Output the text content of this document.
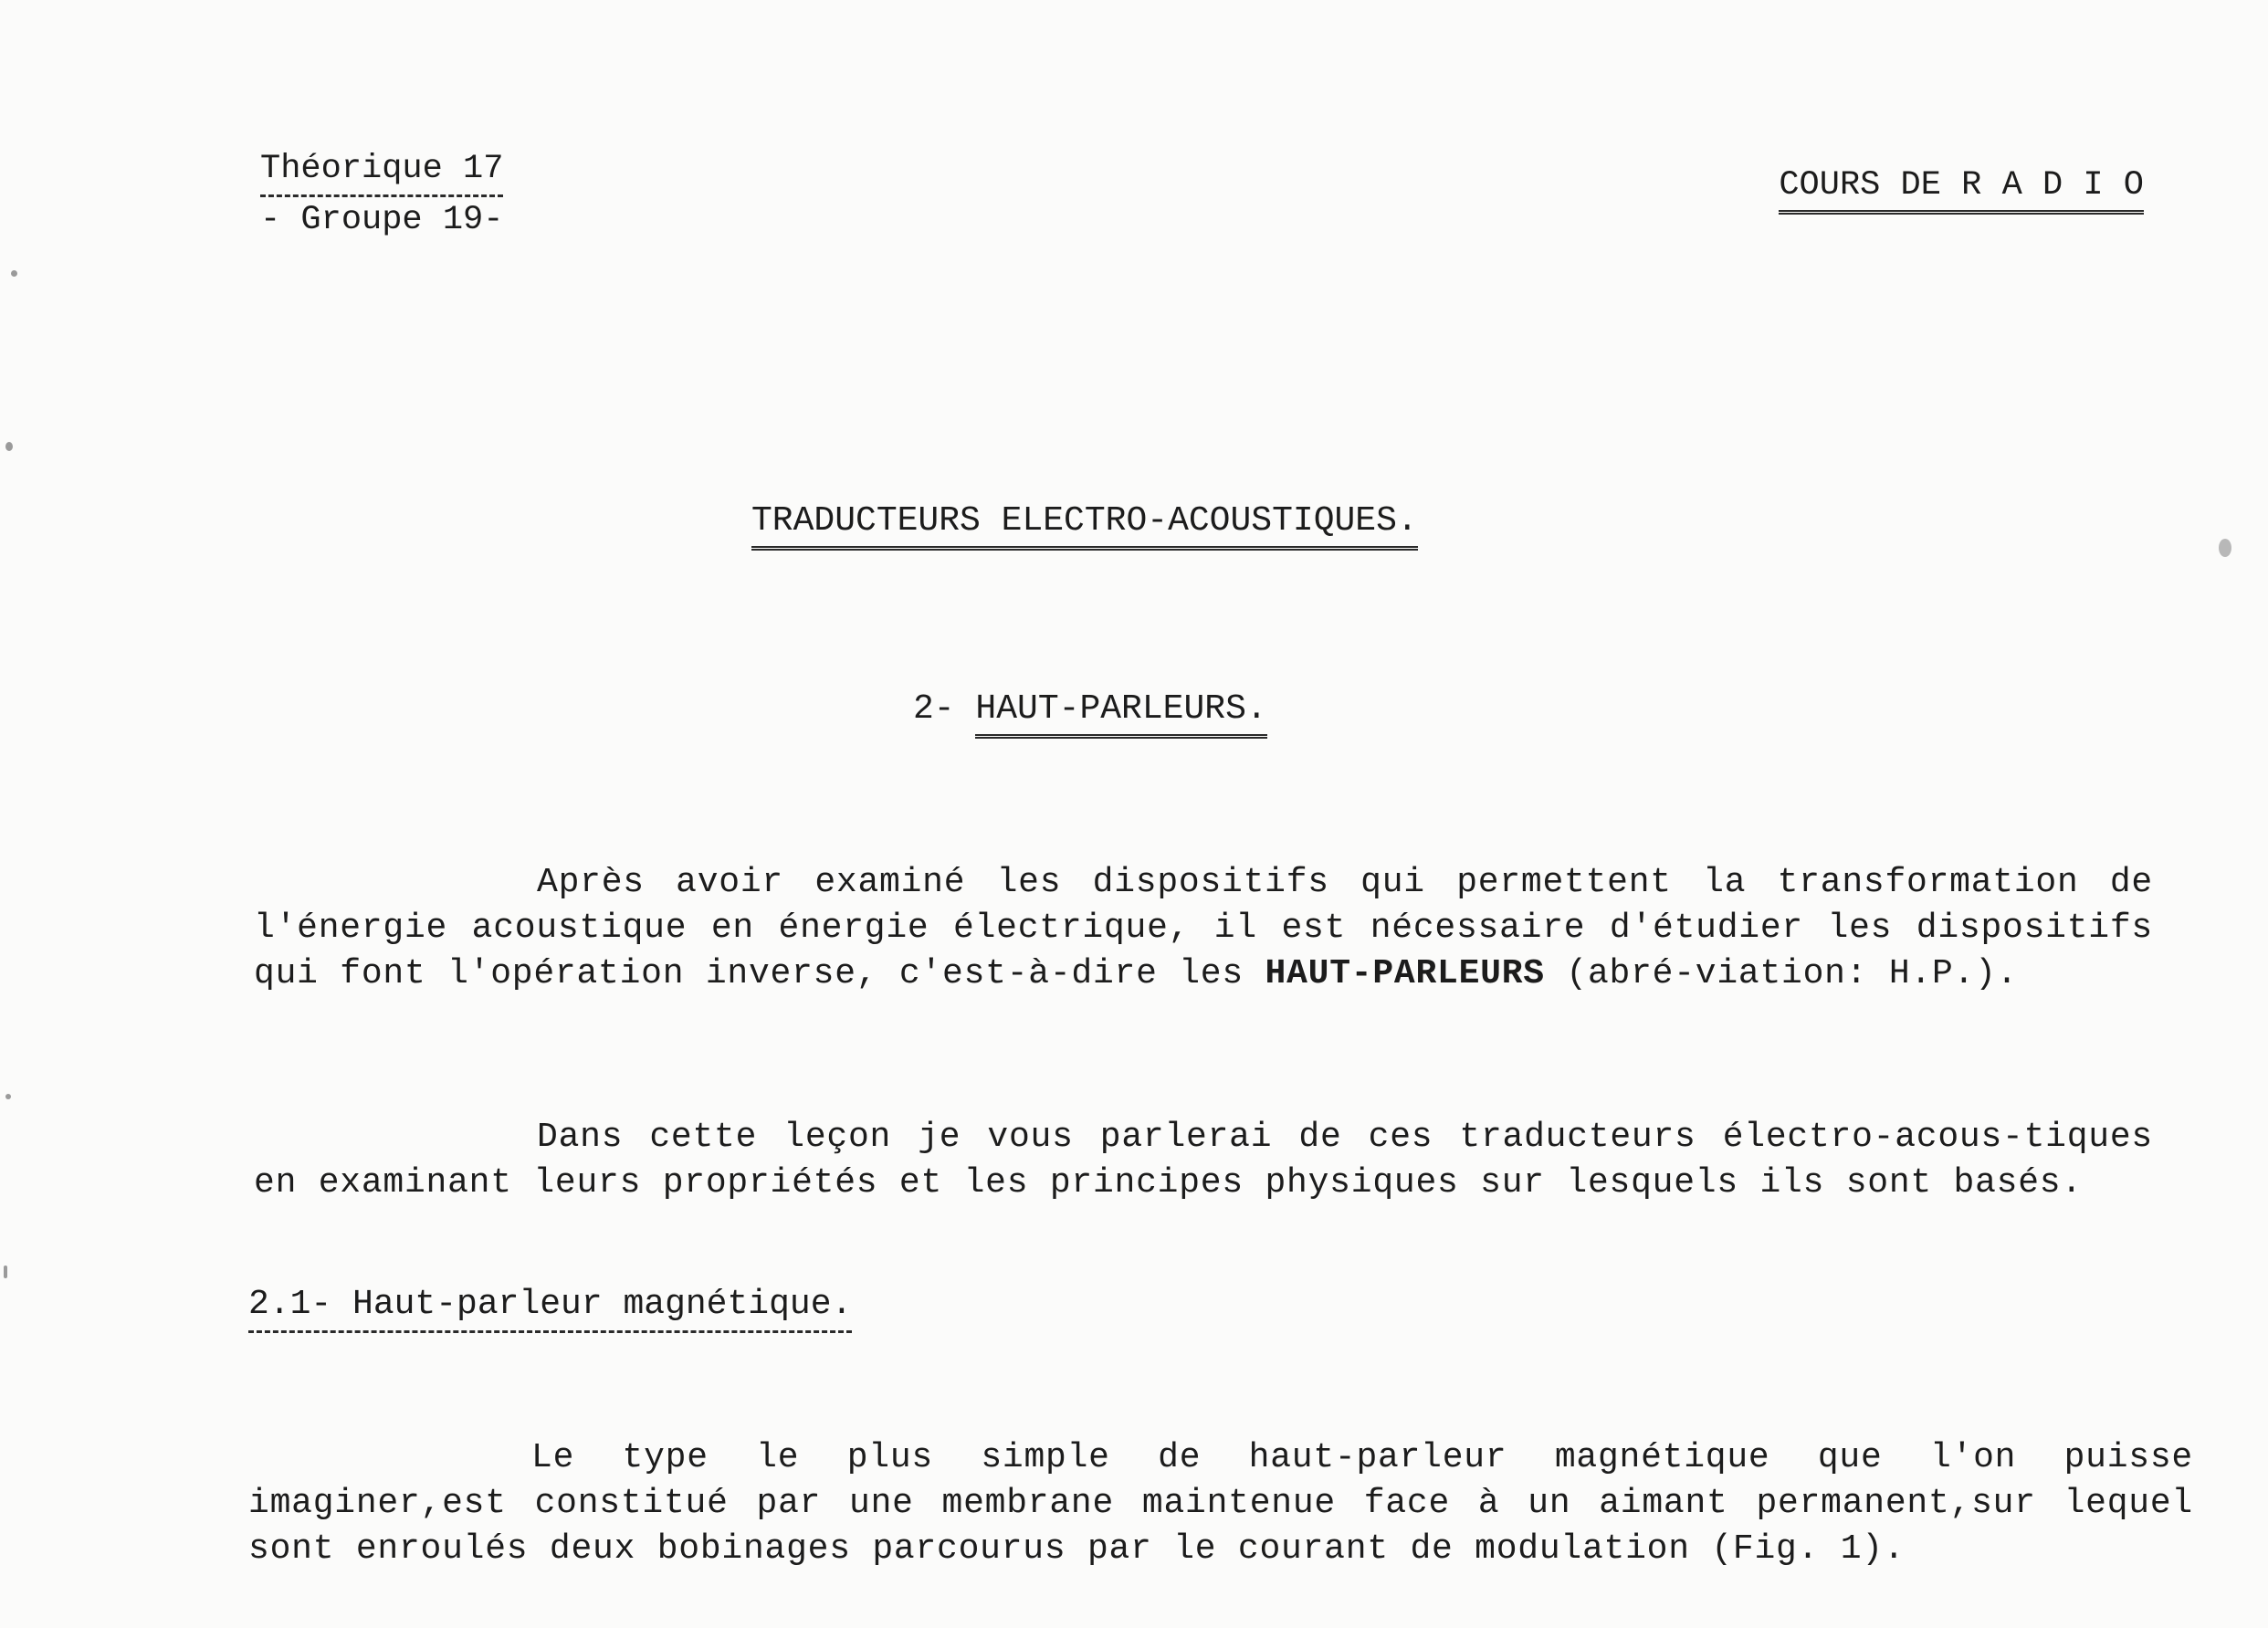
Théorique 17
- Groupe 19-
COURS DE R A D I O
TRADUCTEURS ELECTRO-ACOUSTIQUES.
2- HAUT-PARLEURS.

Après avoir examiné les dispositifs qui permettent la transformation de l'énergie acoustique en énergie électrique, il est nécessaire d'étudier les dispositifs qui font l'opération inverse, c'est-à-dire les HAUT-PARLEURS (abré-viation: H.P.).

Dans cette leçon je vous parlerai de ces traducteurs électro-acous-tiques en examinant leurs propriétés et les principes physiques sur lesquels ils sont basés.

2.1- Haut-parleur magnétique.

Le type le plus simple de haut-parleur magnétique que l'on puisse imaginer,est constitué par une membrane maintenue face à un aimant permanent,sur lequel sont enroulés deux bobinages parcourus par le courant de modulation (Fig. 1).
